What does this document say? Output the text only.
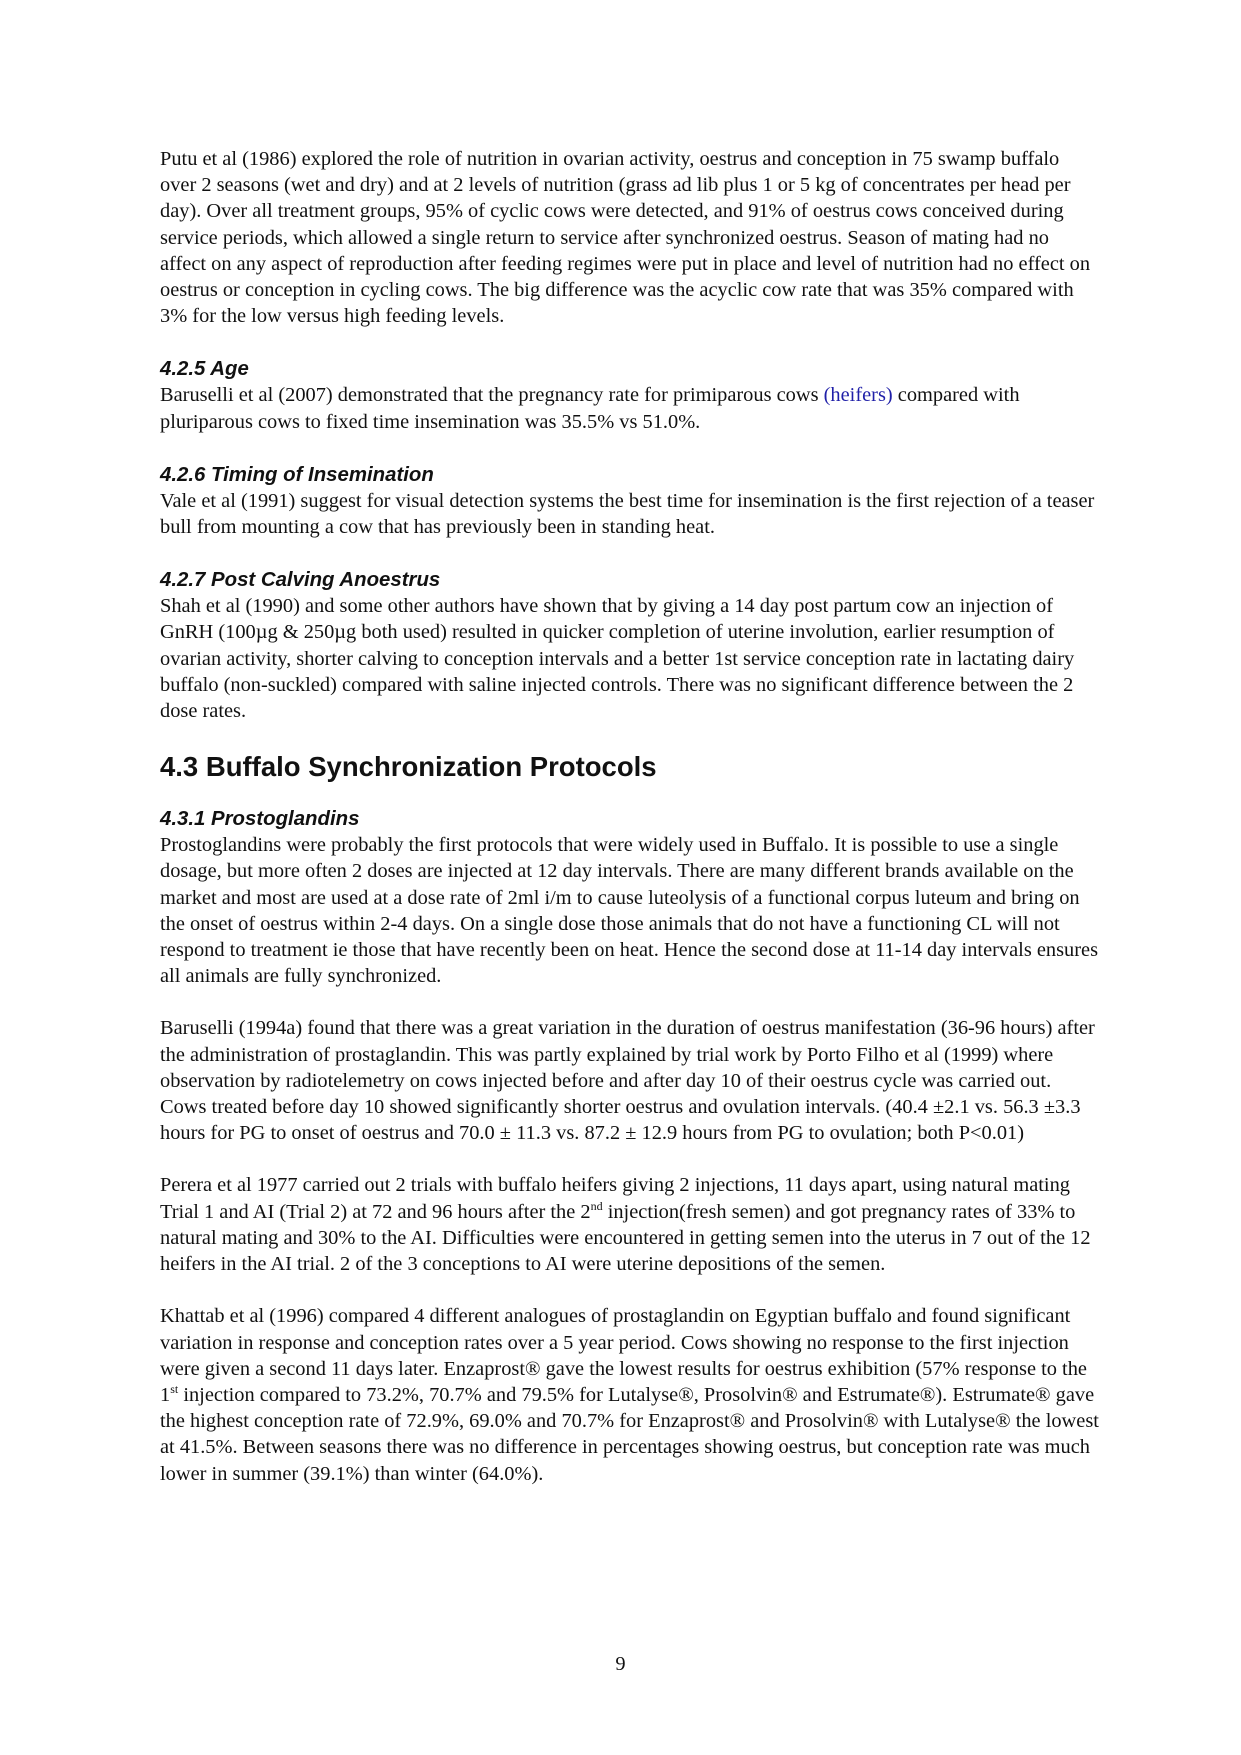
Putu et al (1986) explored the role of nutrition in ovarian activity, oestrus and conception in 75 swamp buffalo over 2 seasons (wet and dry) and at 2 levels of nutrition (grass ad lib plus 1 or 5 kg of concentrates per head per day). Over all treatment groups, 95% of cyclic cows were detected, and 91% of oestrus cows conceived during service periods, which allowed a single return to service after synchronized oestrus. Season of mating had no affect on any aspect of reproduction after feeding regimes were put in place and level of nutrition had no effect on oestrus or conception in cycling cows. The big difference was the acyclic cow rate that was 35% compared with 3% for the low versus high feeding levels.

4.2.5 Age

Baruselli et al (2007) demonstrated that the pregnancy rate for primiparous cows (heifers) compared with pluriparous cows to fixed time insemination was 35.5% vs 51.0%.

4.2.6 Timing of Insemination

Vale et al (1991) suggest for visual detection systems the best time for insemination is the first rejection of a teaser bull from mounting a cow that has previously been in standing heat.

4.2.7 Post Calving Anoestrus

Shah et al (1990) and some other authors have shown that by giving a 14 day post partum cow an injection of GnRH (100µg & 250µg both used) resulted in quicker completion of uterine involution, earlier resumption of ovarian activity, shorter calving to conception intervals and a better 1st service conception rate in lactating dairy buffalo (non-suckled) compared with saline injected controls. There was no significant difference between the 2 dose rates.

4.3 Buffalo Synchronization Protocols
4.3.1 Prostoglandins

Prostoglandins were probably the first protocols that were widely used in Buffalo. It is possible to use a single dosage, but more often 2 doses are injected at 12 day intervals. There are many different brands available on the market and most are used at a dose rate of 2ml i/m to cause luteolysis of a functional corpus luteum and bring on the onset of oestrus within 2-4 days. On a single dose those animals that do not have a functioning CL will not respond to treatment ie those that have recently been on heat. Hence the second dose at 11-14 day intervals ensures all animals are fully synchronized.

Baruselli (1994a) found that there was a great variation in the duration of oestrus manifestation (36-96 hours) after the administration of prostaglandin. This was partly explained by trial work by Porto Filho et al (1999) where observation by radiotelemetry on cows injected before and after day 10 of their oestrus cycle was carried out. Cows treated before day 10 showed significantly shorter oestrus and ovulation intervals. (40.4 ±2.1 vs. 56.3 ±3.3 hours for PG to onset of oestrus and 70.0 ± 11.3 vs. 87.2 ± 12.9 hours from PG to ovulation; both P<0.01)

Perera et al 1977 carried out 2 trials with buffalo heifers giving 2 injections, 11 days apart, using natural mating Trial 1 and AI (Trial 2) at 72 and 96 hours after the 2nd injection(fresh semen) and got pregnancy rates of 33% to natural mating and 30% to the AI. Difficulties were encountered in getting semen into the uterus in 7 out of the 12 heifers in the AI trial. 2 of the 3 conceptions to AI were uterine depositions of the semen.

Khattab et al (1996) compared 4 different analogues of prostaglandin on Egyptian buffalo and found significant variation in response and conception rates over a 5 year period. Cows showing no response to the first injection were given a second 11 days later. Enzaprost® gave the lowest results for oestrus exhibition (57% response to the 1st injection compared to 73.2%, 70.7% and 79.5% for Lutalyse®, Prosolvin® and Estrumate®). Estrumate® gave the highest conception rate of 72.9%, 69.0% and 70.7% for Enzaprost® and Prosolvin® with Lutalyse® the lowest at 41.5%. Between seasons there was no difference in percentages showing oestrus, but conception rate was much lower in summer (39.1%) than winter (64.0%).

9
